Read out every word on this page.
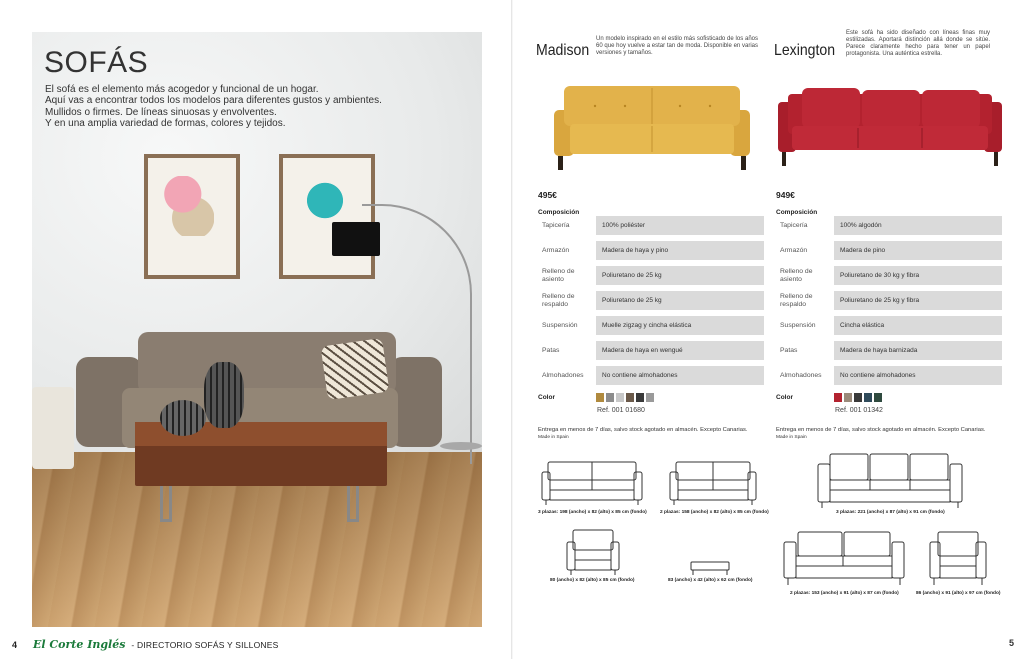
SOFÁS
El sofá es el elemento más acogedor y funcional de un hogar.
Aquí vas a encontrar todos los modelos para diferentes gustos y ambientes.
Mullidos o firmes. De líneas sinuosas y envolventes.
Y en una amplia variedad de formas, colores y tejidos.
4 El Corte Inglés - DIRECTORIO SOFÁS Y SILLONES
Madison
Un modelo inspirado en el estilo más sofisticado de los años 60 que hoy vuelve a estar tan de moda. Disponible en varias versiones y tamaños.
495€
Composición
Tapicería	100% poliéster
Armazón	Madera de haya y pino
Relleno de asiento	Poliuretano de 25 kg
Relleno de respaldo	Poliuretano de 25 kg
Suspensión	Muelle zigzag y cincha elástica
Patas	Madera de haya en wengué
Almohadones	No contiene almohadones
Color
Ref. 001 01680
Entrega en menos de 7 días, salvo stock agotado en almacén. Excepto Canarias.
Made in Spain
Lexington
Este sofá ha sido diseñado con líneas finas muy estilizadas. Aportará distinción allá donde se sitúe. Parece claramente hecho para tener un papel protagonista. Una auténtica estrella.
949€
Composición
Tapicería	100% algodón
Armazón	Madera de pino
Relleno de asiento	Poliuretano de 30 kg y fibra
Relleno de respaldo	Poliuretano de 25 kg y fibra
Suspensión	Cincha elástica
Patas	Madera de haya barnizada
Almohadones	No contiene almohadones
Color
Ref. 001 01342
Entrega en menos de 7 días, salvo stock agotado en almacén. Excepto Canarias.
Made in Spain
3 plazas: 198 (ancho) x 82 (alto) x 85 cm (fondo)	2 plazas: 158 (ancho) x 82 (alto) x 85 cm (fondo)
80 (ancho) x 82 (alto) x 85 cm (fondo)	83 (ancho) x 42 (alto) x 62 cm (fondo)
3 plazas: 221 (ancho) x 87 (alto) x 91 cm (fondo)
2 plazas: 153 (ancho) x 91 (alto) x 87 cm (fondo)	86 (ancho) x 91 (alto) x 97 cm (fondo)
5
